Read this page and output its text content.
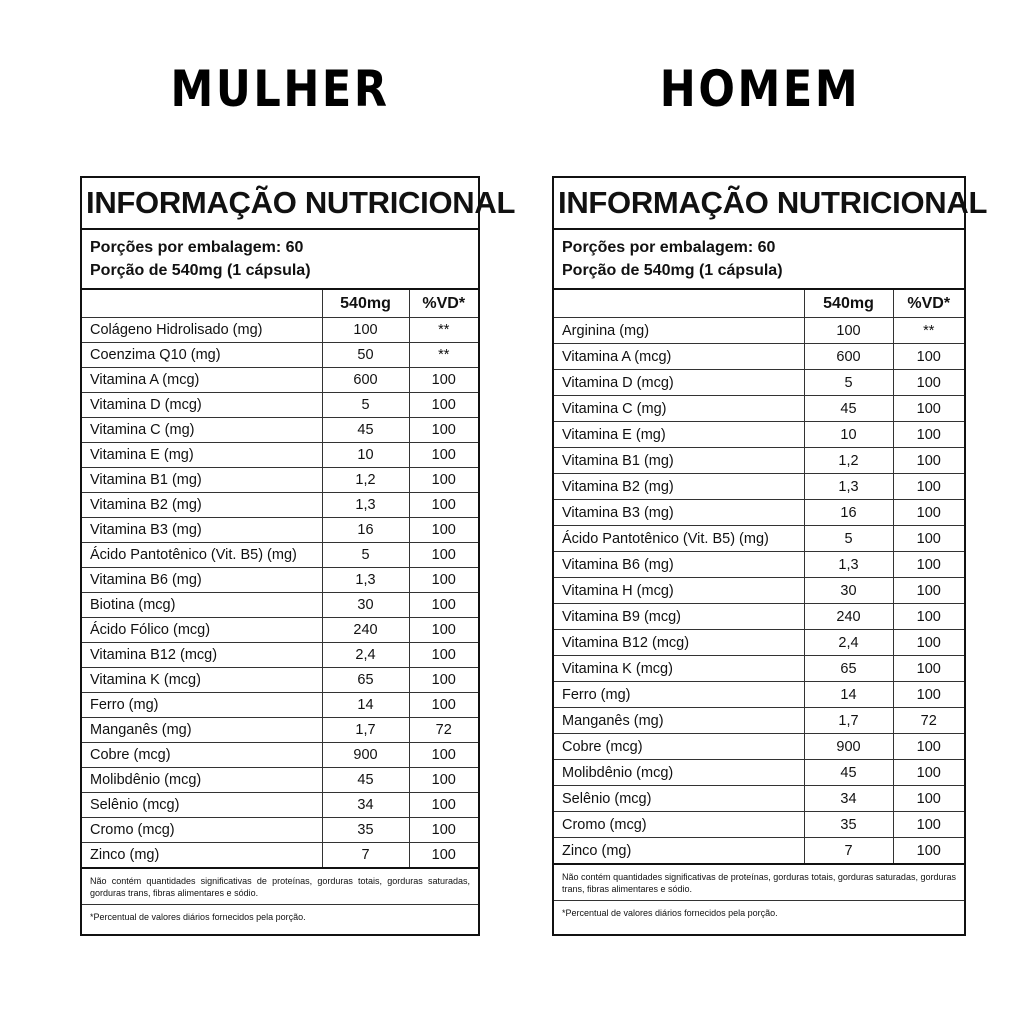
MULHER	HOMEM
INFORMAÇÃO NUTRICIONAL
Porções por embalagem: 60
Porção de 540mg (1 cápsula)
	540mg	%VD*
Colágeno Hidrolisado (mg)	100	**
Coenzima Q10 (mg)	50	**
Vitamina A (mcg)	600	100
Vitamina D (mcg)	5	100
Vitamina C (mg)	45	100
Vitamina E (mg)	10	100
Vitamina B1 (mg)	1,2	100
Vitamina B2 (mg)	1,3	100
Vitamina B3 (mg)	16	100
Ácido Pantotênico (Vit. B5) (mg)	5	100
Vitamina B6 (mg)	1,3	100
Biotina (mcg)	30	100
Ácido Fólico (mcg)	240	100
Vitamina B12 (mcg)	2,4	100
Vitamina K (mcg)	65	100
Ferro (mg)	14	100
Manganês (mg)	1,7	72
Cobre (mcg)	900	100
Molibdênio (mcg)	45	100
Selênio (mcg)	34	100
Cromo (mcg)	35	100
Zinco (mg)	7	100
Não contém quantidades significativas de proteínas, gorduras totais, gorduras saturadas, gorduras trans, fibras alimentares e sódio.
*Percentual de valores diários fornecidos pela porção.
INFORMAÇÃO NUTRICIONAL
Porções por embalagem: 60
Porção de 540mg (1 cápsula)
	540mg	%VD*
Arginina (mg)	100	**
Vitamina A (mcg)	600	100
Vitamina D (mcg)	5	100
Vitamina C (mg)	45	100
Vitamina E (mg)	10	100
Vitamina B1 (mg)	1,2	100
Vitamina B2 (mg)	1,3	100
Vitamina B3 (mg)	16	100
Ácido Pantotênico (Vit. B5) (mg)	5	100
Vitamina B6 (mg)	1,3	100
Vitamina H (mcg)	30	100
Vitamina B9 (mcg)	240	100
Vitamina B12 (mcg)	2,4	100
Vitamina K (mcg)	65	100
Ferro (mg)	14	100
Manganês (mg)	1,7	72
Cobre (mcg)	900	100
Molibdênio (mcg)	45	100
Selênio (mcg)	34	100
Cromo (mcg)	35	100
Zinco (mg)	7	100
Não contém quantidades significativas de proteínas, gorduras totais, gorduras saturadas, gorduras trans, fibras alimentares e sódio.
*Percentual de valores diários fornecidos pela porção.
